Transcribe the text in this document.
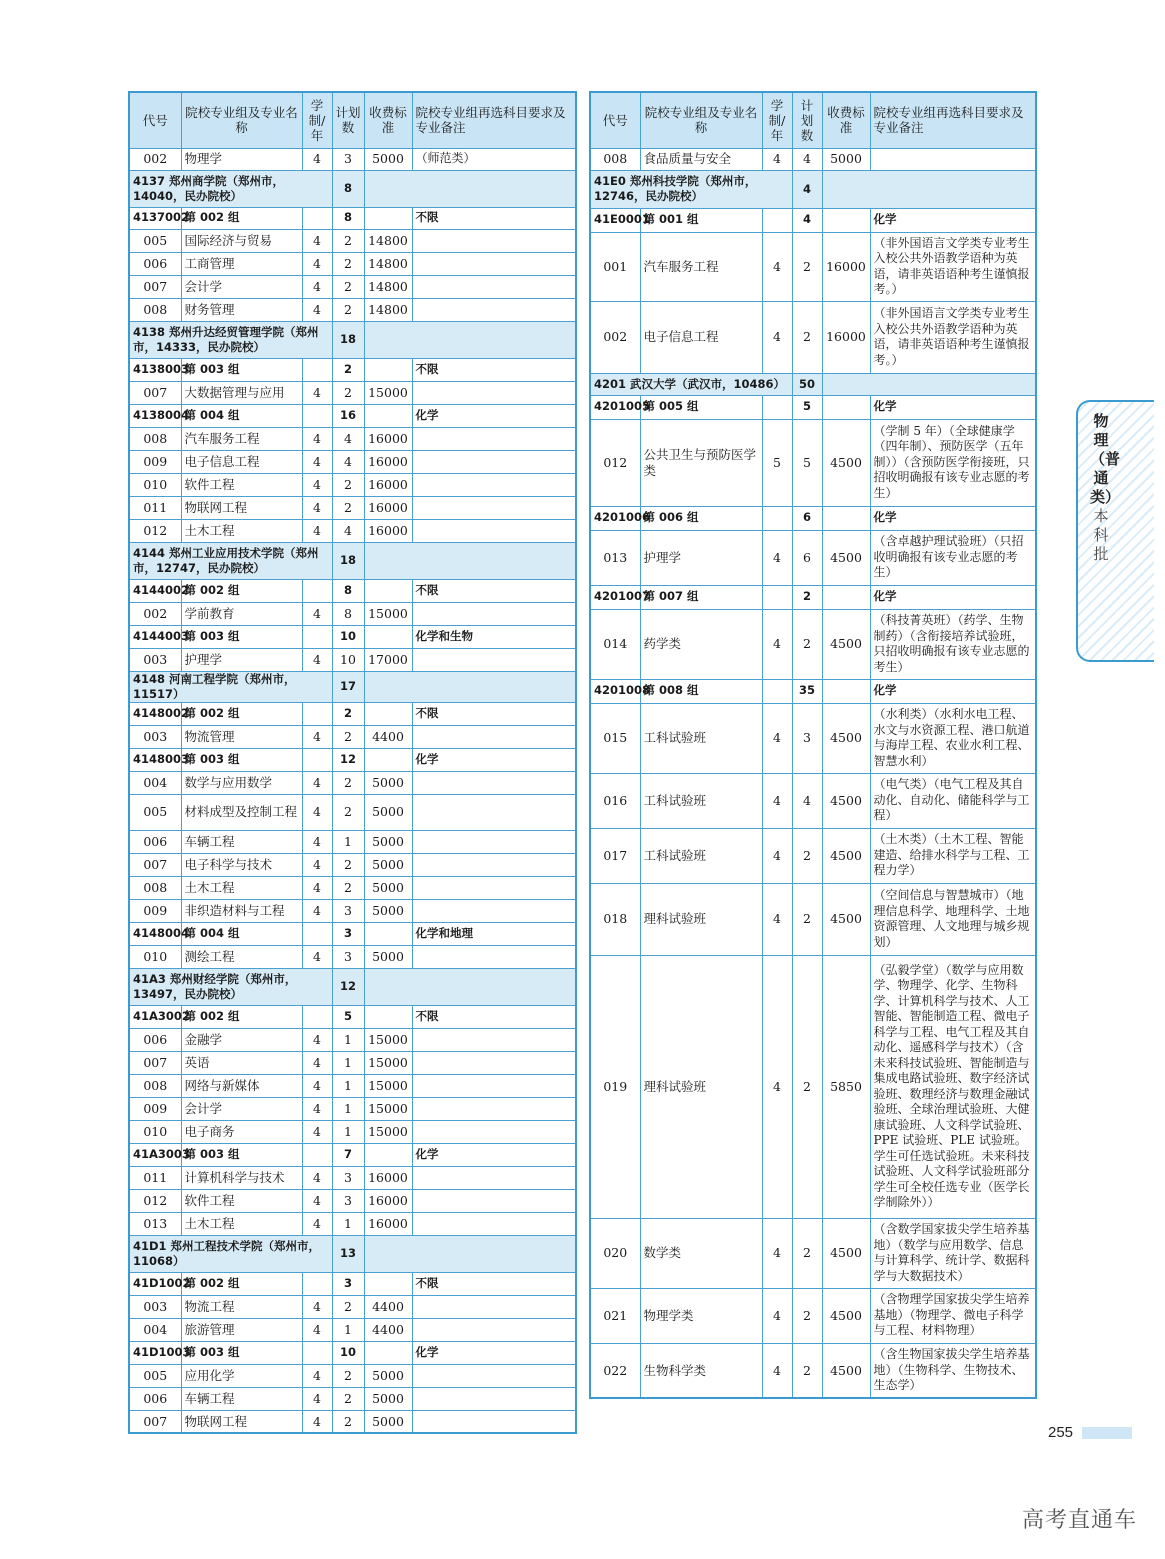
代号	院校专业组及专业名称	学制/年	计划数	收费标准	院校专业组再选科目要求及专业备注
002	物理学	4	3	5000	（师范类）
4137 郑州商学院（郑州市，14040，民办院校）			8		
4137002	第 002 组		8		不限
005	国际经济与贸易	4	2	14800	
006	工商管理	4	2	14800	
007	会计学	4	2	14800	
008	财务管理	4	2	14800	
4138 郑州升达经贸管理学院（郑州市，14333，民办院校）			18		
4138003	第 003 组		2		不限
007	大数据管理与应用	4	2	15000	
4138004	第 004 组		16		化学
008	汽车服务工程	4	4	16000	
009	电子信息工程	4	4	16000	
010	软件工程	4	2	16000	
011	物联网工程	4	2	16000	
012	土木工程	4	4	16000	
4144 郑州工业应用技术学院（郑州市，12747，民办院校）			18		
4144002	第 002 组		8		不限
002	学前教育	4	8	15000	
4144003	第 003 组		10		化学和生物
003	护理学	4	10	17000	
4148 河南工程学院（郑州市，11517）			17		
4148002	第 002 组		2		不限
003	物流管理	4	2	4400	
4148003	第 003 组		12		化学
004	数学与应用数学	4	2	5000	
005	材料成型及控制工程	4	2	5000	
006	车辆工程	4	1	5000	
007	电子科学与技术	4	2	5000	
008	土木工程	4	2	5000	
009	非织造材料与工程	4	3	5000	
4148004	第 004 组		3		化学和地理
010	测绘工程	4	3	5000	
41A3 郑州财经学院（郑州市，13497，民办院校）			12		
41A3002	第 002 组		5		不限
006	金融学	4	1	15000	
007	英语	4	1	15000	
008	网络与新媒体	4	1	15000	
009	会计学	4	1	15000	
010	电子商务	4	1	15000	
41A3003	第 003 组		7		化学
011	计算机科学与技术	4	3	16000	
012	软件工程	4	3	16000	
013	土木工程	4	1	16000	
41D1 郑州工程技术学院（郑州市，11068）			13		
41D1002	第 002 组		3		不限
003	物流工程	4	2	4400	
004	旅游管理	4	1	4400	
41D1003	第 003 组		10		化学
005	应用化学	4	2	5000	
006	车辆工程	4	2	5000	
007	物联网工程	4	2	5000	
代号	院校专业组及专业名称	学制/年	计划数	收费标准	院校专业组再选科目要求及专业备注
008	食品质量与安全	4	4	5000	
41E0 郑州科技学院（郑州市，12746，民办院校）			4		
41E0001	第 001 组		4		化学
001	汽车服务工程	4	2	16000	（非外国语言文学类专业考生入校公共外语教学语种为英语，请非英语语种考生谨慎报考。）
002	电子信息工程	4	2	16000	（非外国语言文学类专业考生入校公共外语教学语种为英语，请非英语语种考生谨慎报考。）
4201 武汉大学（武汉市，10486）			50		
4201005	第 005 组		5		化学
012	公共卫生与预防医学类	5	5	4500	（学制 5 年）（全球健康学（四年制）、预防医学（五年制））（含预防医学衔接班，只招收明确报有该专业志愿的考生）
4201006	第 006 组		6		化学
013	护理学	4	6	4500	（含卓越护理试验班）（只招收明确报有该专业志愿的考生）
4201007	第 007 组		2		化学
014	药学类	4	2	4500	（科技菁英班）（药学、生物制药）（含衔接培养试验班，只招收明确报有该专业志愿的考生）
4201008	第 008 组		35		化学
015	工科试验班	4	3	4500	（水利类）（水利水电工程、水文与水资源工程、港口航道与海岸工程、农业水利工程、智慧水利）
016	工科试验班	4	4	4500	（电气类）（电气工程及其自动化、自动化、储能科学与工程）
017	工科试验班	4	2	4500	（土木类）（土木工程、智能建造、给排水科学与工程、工程力学）
018	理科试验班	4	2	4500	（空间信息与智慧城市）（地理信息科学、地理科学、土地资源管理、人文地理与城乡规划）
019	理科试验班	4	2	5850	（弘毅学堂）（数学与应用数学、物理学、化学、生物科学、计算机科学与技术、人工智能、智能制造工程、微电子科学与工程、电气工程及其自动化、遥感科学与技术）（含未来科技试验班、智能制造与集成电路试验班、数字经济试验班、数理经济与数理金融试验班、全球治理试验班、大健康试验班、人文科学试验班、PPE 试验班、PLE 试验班。学生可任选试验班。未来科技试验班、人文科学试验班部分学生可全校任选专业（医学长学制除外））
020	数学类	4	2	4500	（含数学国家拔尖学生培养基地）（数学与应用数学、信息与计算科学、统计学、数据科学与大数据技术）
021	物理学类	4	2	4500	（含物理学国家拔尖学生培养基地）（物理学、微电子科学与工程、材料物理）
022	生物科学类	4	2	4500	（含生物国家拔尖学生培养基地）（生物科学、生物技术、生态学）
物理（普通类）
本科批
255
高考直通车
